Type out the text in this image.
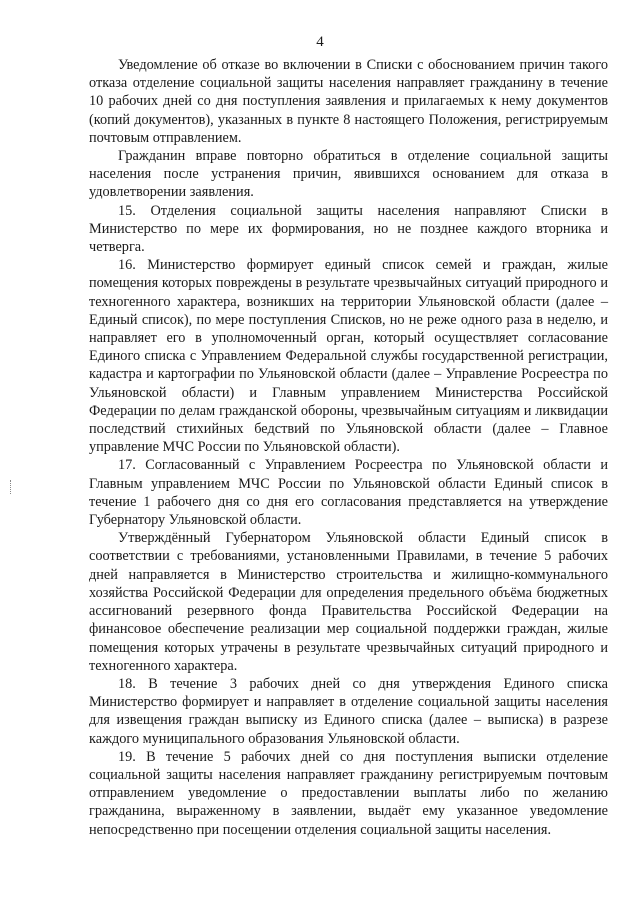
4

Уведомление об отказе во включении в Списки с обоснованием причин такого отказа отделение социальной защиты населения направляет гражданину в течение 10 рабочих дней со дня поступления заявления и прилагаемых к нему документов (копий документов), указанных в пункте 8 настоящего Положения, регистрируемым почтовым отправлением.

Гражданин вправе повторно обратиться в отделение социальной защиты населения после устранения причин, явившихся основанием для отказа в удовлетворении заявления.

15. Отделения социальной защиты населения направляют Списки в Министерство по мере их формирования, но не позднее каждого вторника и четверга.

16. Министерство формирует единый список семей и граждан, жилые помещения которых повреждены в результате чрезвычайных ситуаций природного и техногенного характера, возникших на территории Ульяновской области (далее – Единый список), по мере поступления Списков, но не реже одного раза в неделю, и направляет его в уполномоченный орган, который осуществляет согласование Единого списка с Управлением Федеральной службы государственной регистрации, кадастра и картографии по Ульяновской области (далее – Управление Росреестра по Ульяновской области) и Главным управлением Министерства Российской Федерации по делам гражданской обороны, чрезвычайным ситуациям и ликвидации последствий стихийных бедствий по Ульяновской области (далее – Главное управление МЧС России по Ульяновской области).

17. Согласованный с Управлением Росреестра по Ульяновской области и Главным управлением МЧС России по Ульяновской области Единый список в течение 1 рабочего дня со дня его согласования представляется на утверждение Губернатору Ульяновской области.

Утверждённый Губернатором Ульяновской области Единый список в соответствии с требованиями, установленными Правилами, в течение 5 рабочих дней направляется в Министерство строительства и жилищно-коммунального хозяйства Российской Федерации для определения предельного объёма бюджетных ассигнований резервного фонда Правительства Российской Федерации на финансовое обеспечение реализации мер социальной поддержки граждан, жилые помещения которых утрачены в результате чрезвычайных ситуаций природного и техногенного характера.

18. В течение 3 рабочих дней со дня утверждения Единого списка Министерство формирует и направляет в отделение социальной защиты населения для извещения граждан выписку из Единого списка (далее – выписка) в разрезе каждого муниципального образования Ульяновской области.

19. В течение 5 рабочих дней со дня поступления выписки отделение социальной защиты населения направляет гражданину регистрируемым почтовым отправлением уведомление о предоставлении выплаты либо по желанию гражданина, выраженному в заявлении, выдаёт ему указанное уведомление непосредственно при посещении отделения социальной защиты населения.
